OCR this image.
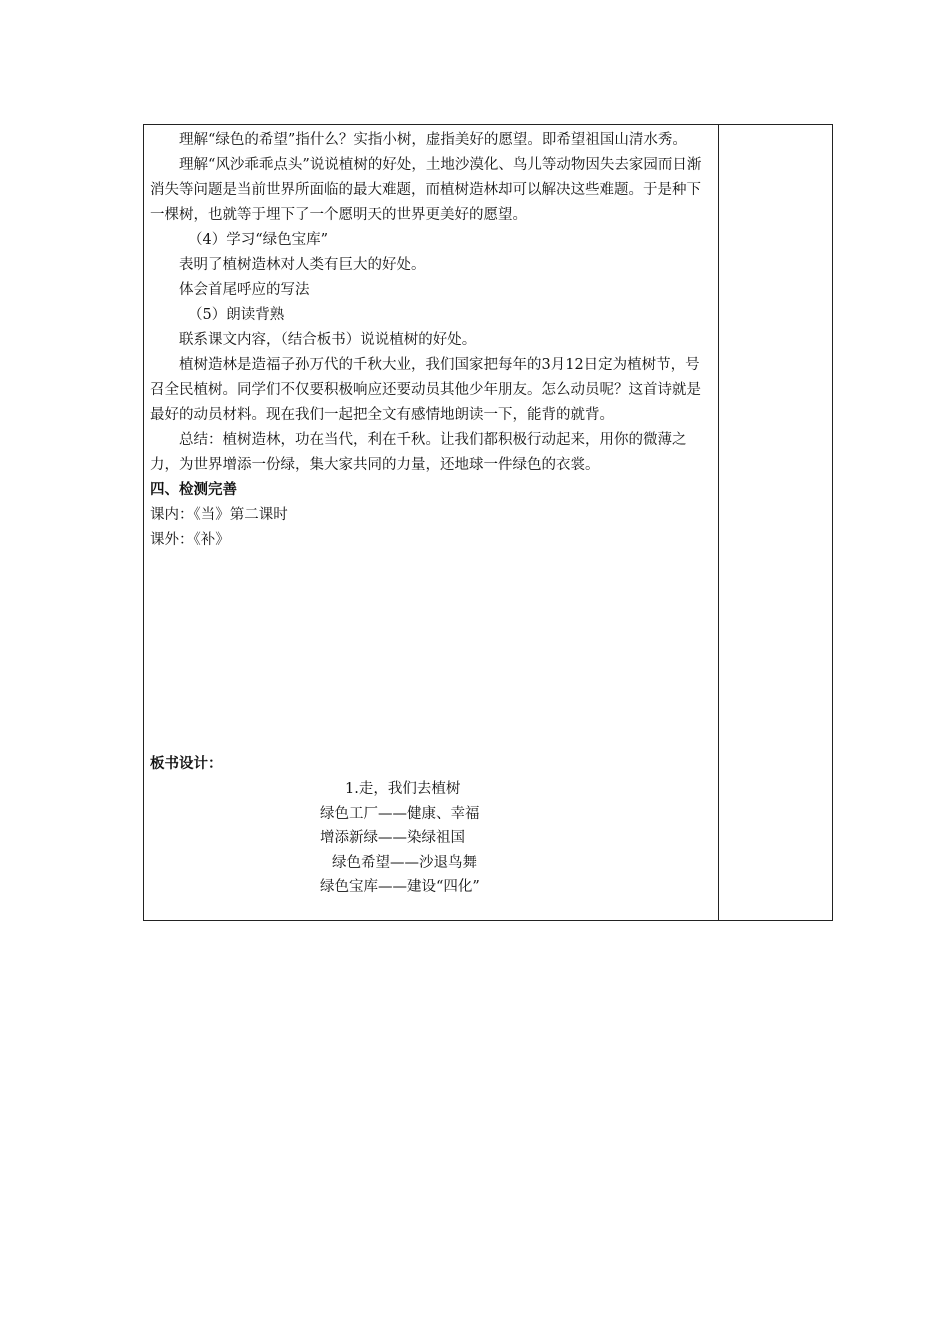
理解“绿色的希望”指什么？实指小树，虚指美好的愿望。即希望祖国山清水秀。

理解“风沙乖乖点头”说说植树的好处，土地沙漠化、鸟儿等动物因失去家园而日渐消失等问题是当前世界所面临的最大难题，而植树造林却可以解决这些难题。于是种下一棵树，也就等于埋下了一个愿明天的世界更美好的愿望。

（4）学习“绿色宝库”

表明了植树造林对人类有巨大的好处。

体会首尾呼应的写法

（5）朗读背熟

联系课文内容，（结合板书）说说植树的好处。

植树造林是造福子孙万代的千秋大业，我们国家把每年的3月12日定为植树节，号召全民植树。同学们不仅要积极响应还要动员其他少年朋友。怎么动员呢？这首诗就是最好的动员材料。现在我们一起把全文有感情地朗读一下，能背的就背。

总结：植树造林，功在当代，利在千秋。让我们都积极行动起来，用你的微薄之力，为世界增添一份绿，集大家共同的力量，还地球一件绿色的衣裳。

四、检测完善

课内：《当》第二课时

课外：《补》

板书设计：

1.走，我们去植树

绿色工厂——健康、幸福

增添新绿——染绿祖国

绿色希望——沙退鸟舞

绿色宝库——建设“四化”
